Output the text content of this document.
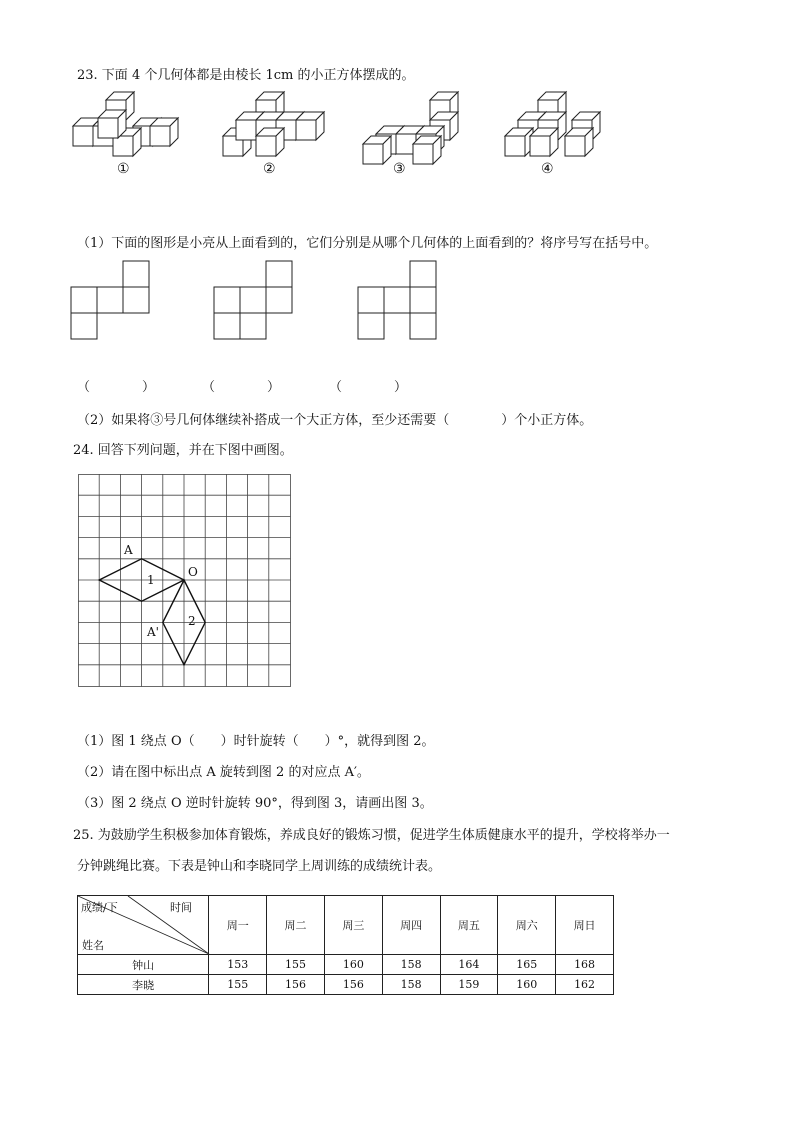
23. 下面 4 个几何体都是由棱长 1cm 的小正方体摆成的。
①	②	③	④
（1）下面的图形是小亮从上面看到的，它们分别是从哪个几何体的上面看到的？将序号写在括号中。
（　　　　）	（　　　　）	（　　　　）
（2）如果将③号几何体继续补搭成一个大正方体，至少还需要（　　　　）个小正方体。
24. 回答下列问题，并在下图中画图。
A
O
1
A'
2
（1）图 1 绕点 O（　　）时针旋转（　　）°，就得到图 2。
（2）请在图中标出点 A 旋转到图 2 的对应点 A′。
（3）图 2 绕点 O 逆时针旋转 90°，得到图 3，请画出图 3。
25. 为鼓励学生积极参加体育锻炼，养成良好的锻炼习惯，促进学生体质健康水平的提升，学校将举办一
分钟跳绳比赛。下表是钟山和李晓同学上周训练的成绩统计表。
成绩/下 时间
姓名	周一	周二	周三	周四	周五	周六	周日
钟山	153	155	160	158	164	165	168
李晓	155	156	156	158	159	160	162
